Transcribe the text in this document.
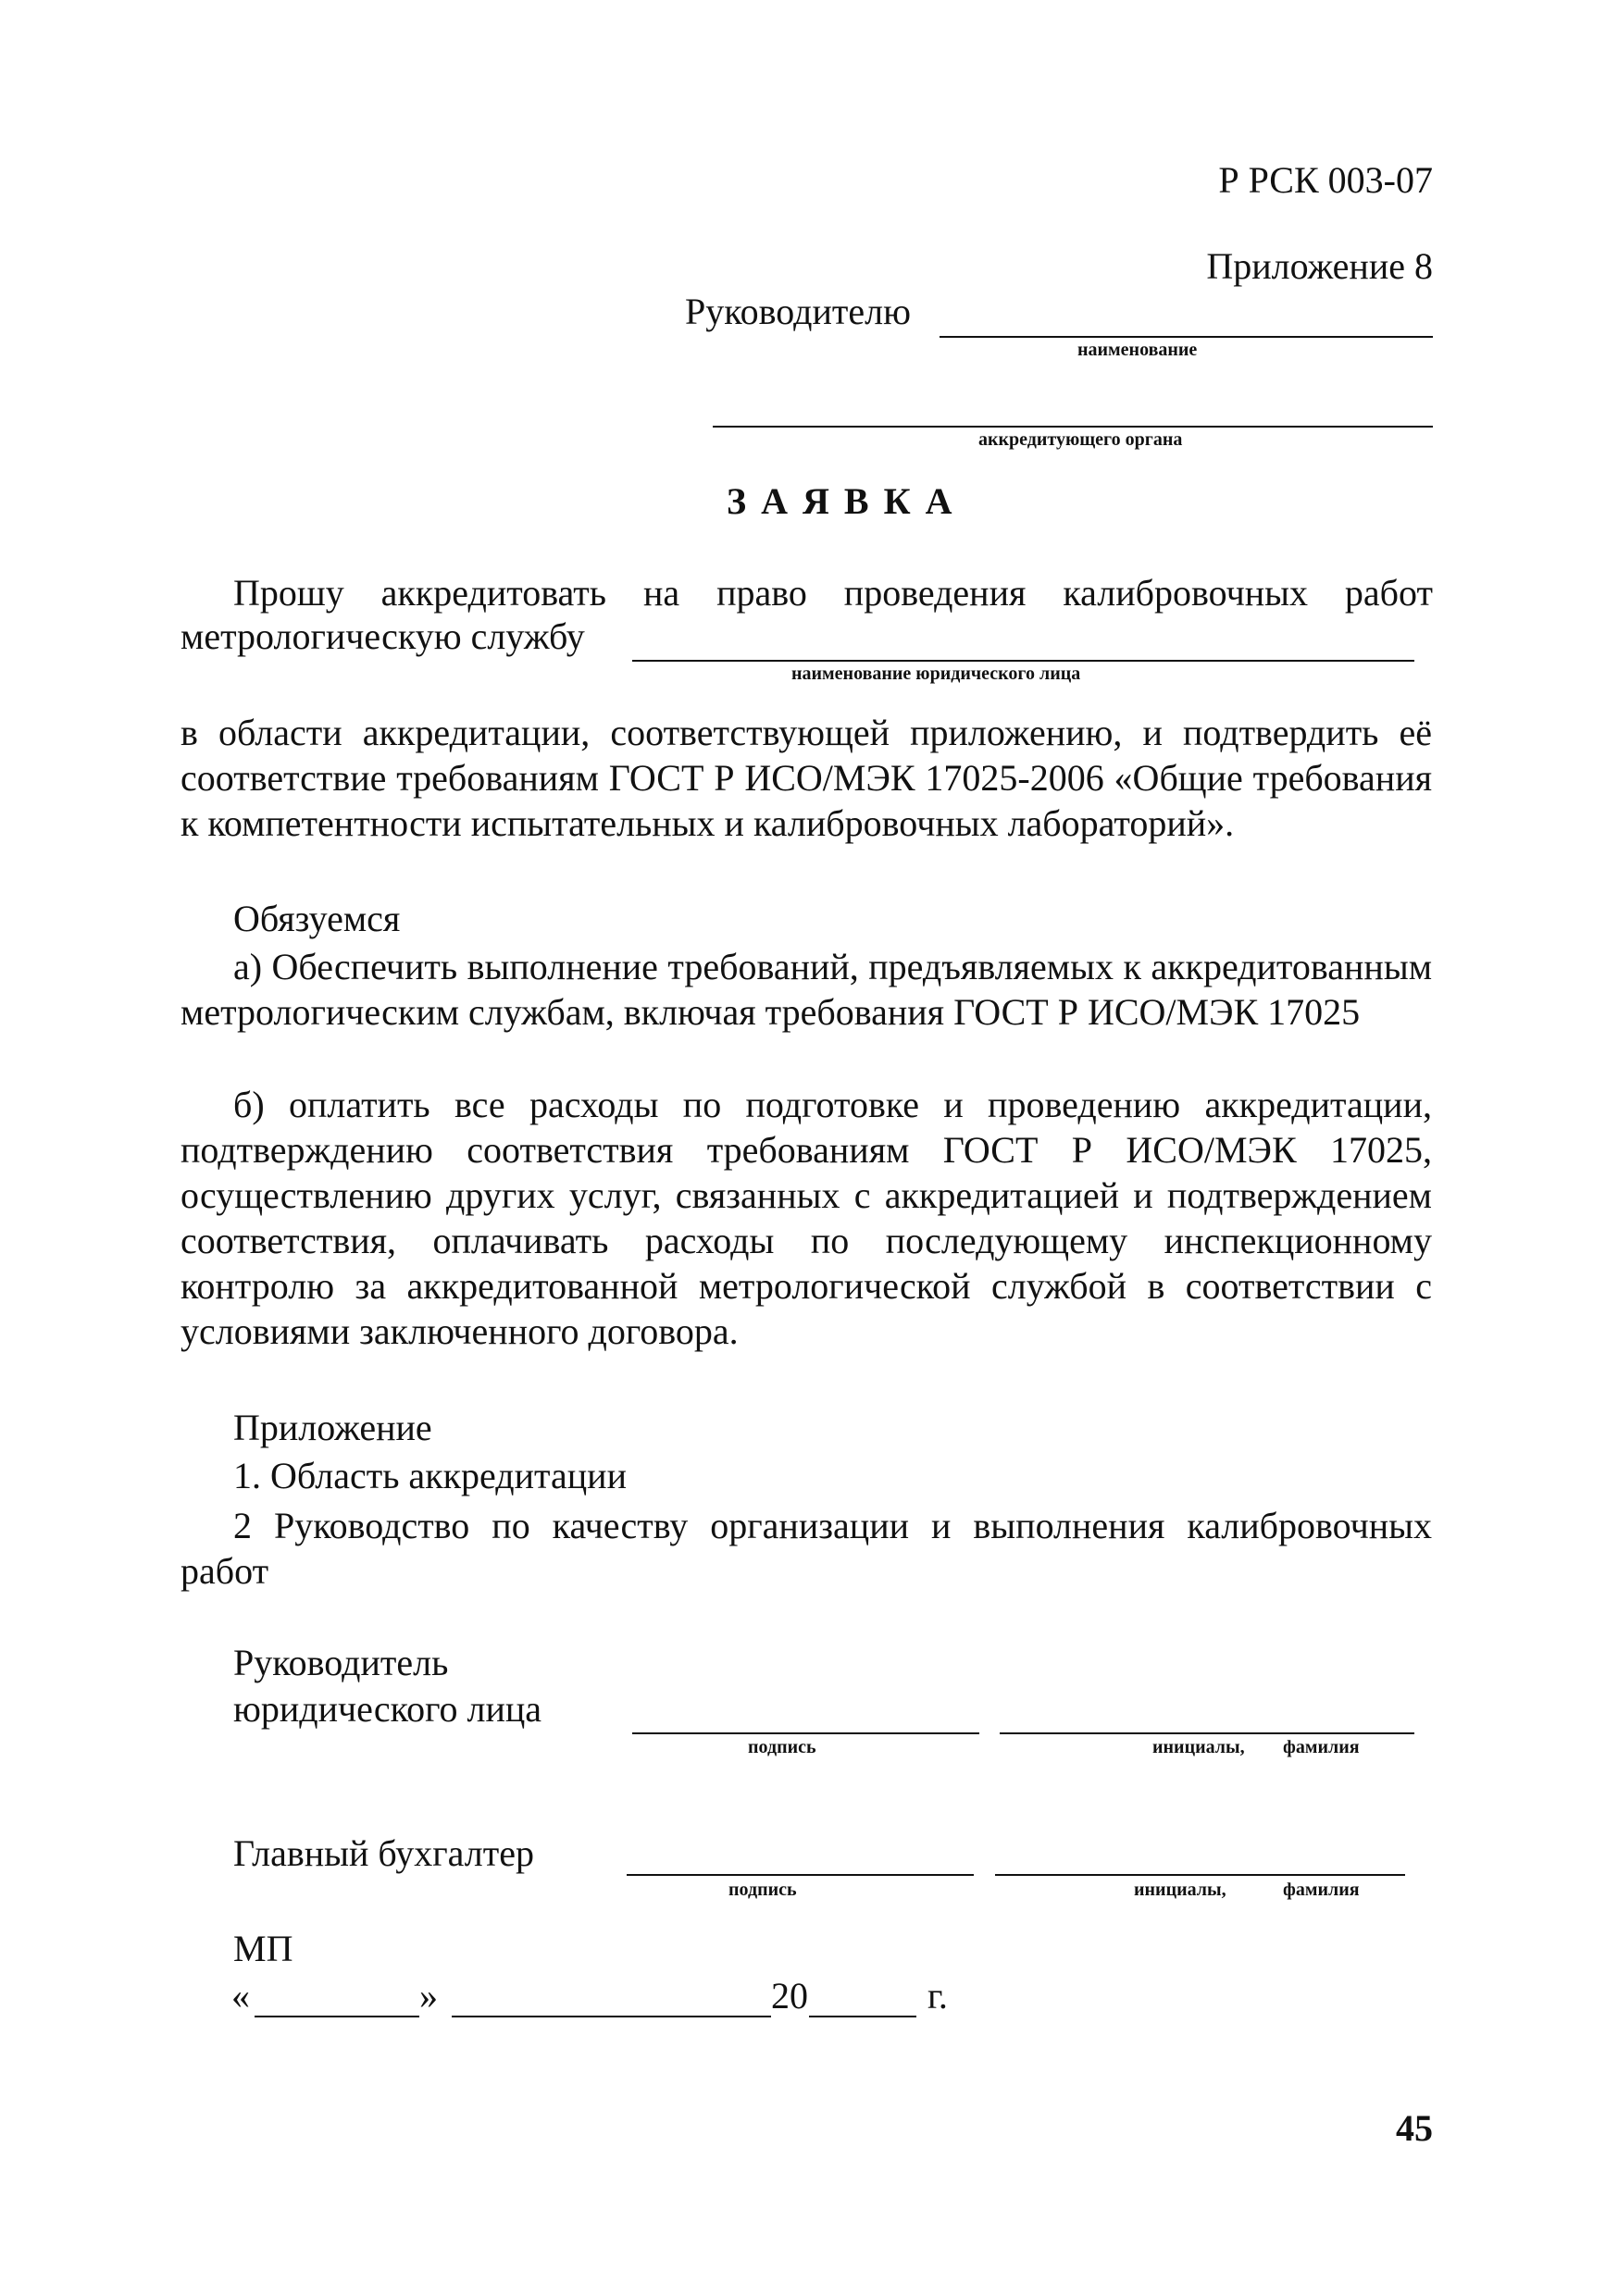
Р РСК 003-07
Приложение 8
Руководителю
наименование
аккредитующего органа
ЗАЯВКА
Прошу аккредитовать на право проведения калибровочных работ
метрологическую службу
наименование юридического лица
в области аккредитации, соответствующей приложению, и подтвердить её соответствие требованиям ГОСТ Р ИСО/МЭК 17025-2006 «Общие требования к компетентности испытательных и калибровочных лабораторий».
Обязуемся
а) Обеспечить выполнение требований, предъявляемых к аккредитованным метрологическим службам, включая требования ГОСТ Р ИСО/МЭК 17025
б) оплатить все расходы по подготовке и проведению аккредитации, подтверждению соответствия требованиям ГОСТ Р ИСО/МЭК 17025, осуществлению других услуг, связанных с аккредитацией и подтверждением соответствия, оплачивать расходы по последующему инспекционному контролю за аккредитованной метрологической службой в соответствии с условиями заключенного договора.
Приложение
1. Область аккредитации
2 Руководство по качеству организации и выполнения калибровочных работ
Руководитель
юридического лица
подпись	инициалы, фамилия
Главный бухгалтер
подпись	инициалы,	фамилия
МП
«	»	20	г.
45
